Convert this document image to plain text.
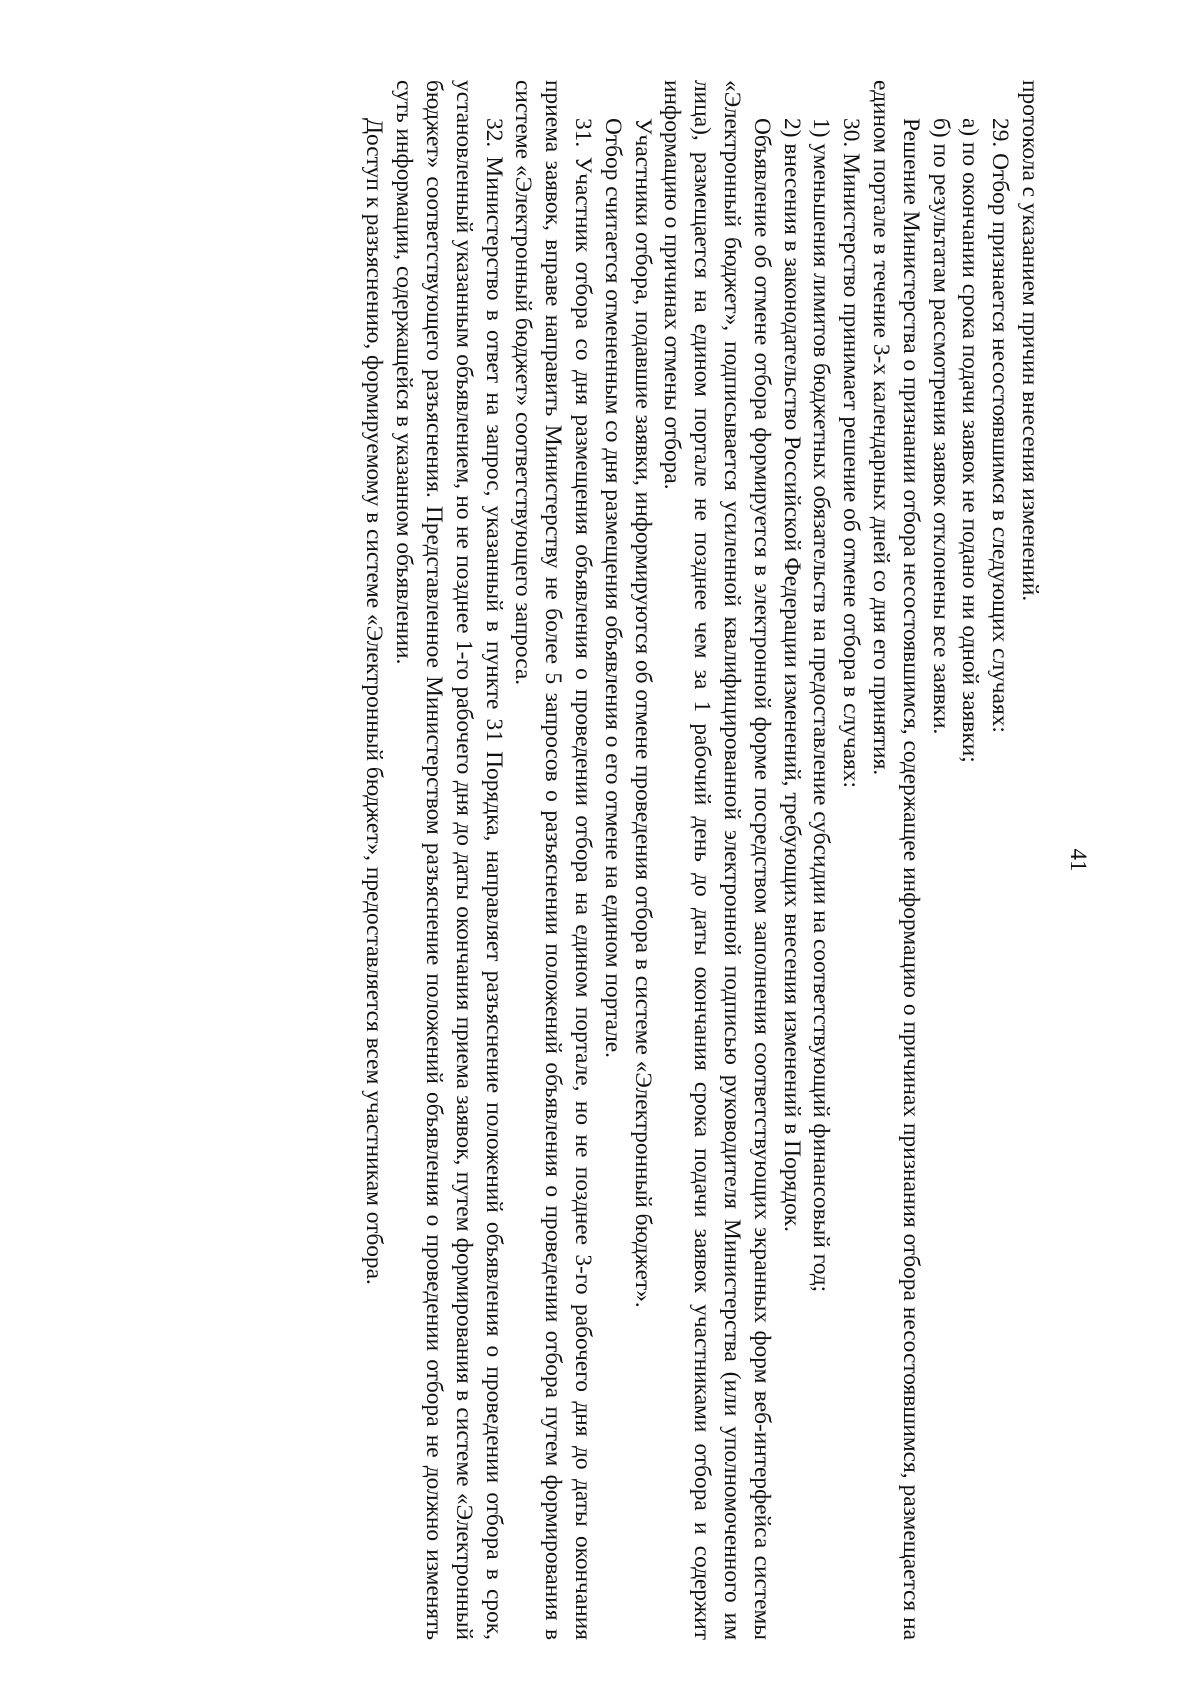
41

протокола с указанием причин внесения изменений.

29. Отбор признается несостоявшимся в следующих случаях:

а) по окончании срока подачи заявок не подано ни одной заявки;

б) по результатам рассмотрения заявок отклонены все заявки.

Решение Министерства о признании отбора несостоявшимся, содержащее информацию о причинах признания отбора несостоявшимся, размещается на едином портале в течение 3-х календарных дней со дня его принятия.

30. Министерство принимает решение об отмене отбора в случаях:

1) уменьшения лимитов бюджетных обязательств на предоставление субсидии на соответствующий финансовый год;

2) внесения в законодательство Российской Федерации изменений, требующих внесения изменений в Порядок.

Объявление об отмене отбора формируется в электронной форме посредством заполнения соответствующих экранных форм веб-интерфейса системы «Электронный бюджет», подписывается усиленной квалифицированной электронной подписью руководителя Министерства (или уполномоченного им лица), размещается на едином портале не позднее чем за 1 рабочий день до даты окончания срока подачи заявок участниками отбора и содержит информацию о причинах отмены отбора.

Участники отбора, подавшие заявки, информируются об отмене проведения отбора в системе «Электронный бюджет».

Отбор считается отмененным со дня размещения объявления о его отмене на едином портале.

31. Участник отбора со дня размещения объявления о проведении отбора на едином портале, но не позднее 3-го рабочего дня до даты окончания приема заявок, вправе направить Министерству не более 5 запросов о разъяснении положений объявления о проведении отбора путем формирования в системе «Электронный бюджет» соответствующего запроса.

32. Министерство в ответ на запрос, указанный в пункте 31 Порядка, направляет разъяснение положений объявления о проведении отбора в срок, установленный указанным объявлением, но не позднее 1-го рабочего дня до даты окончания приема заявок, путем формирования в системе «Электронный бюджет» соответствующего разъяснения. Представленное Министерством разъяснение положений объявления о проведении отбора не должно изменять суть информации, содержащейся в указанном объявлении.

Доступ к разъяснению, формируемому в системе «Электронный бюджет», предоставляется всем участникам отбора.
